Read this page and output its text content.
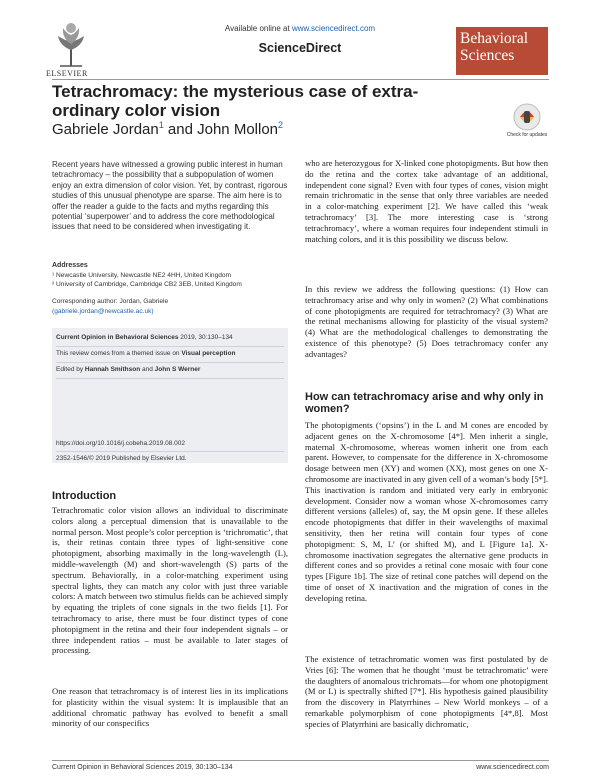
Available online at www.sciencedirect.com
ScienceDirect
ELSEVIER
Behavioral
Sciences
Tetrachromacy: the mysterious case of extra-ordinary color vision
Gabriele Jordan$^1$ and John Mollon$^2$
Check for updates
Recent years have witnessed a growing public interest in human tetrachromacy – the possibility that a subpopulation of women enjoy an extra dimension of color vision. Yet, by contrast, rigorous studies of this unusual phenotype are sparse. The aim here is to offer the reader a guide to the facts and myths regarding this potential ‘superpower’ and to address the core methodological issues that need to be considered when investigating it.
Addresses
¹ Newcastle University, Newcastle NE2 4HH, United Kingdom
² University of Cambridge, Cambridge CB2 3EB, United Kingdom
Corresponding author: Jordan, Gabriele
(gabriele.jordan@newcastle.ac.uk)
Current Opinion in Behavioral Sciences 2019, 30:130–134
This review comes from a themed issue on Visual perception
Edited by Hannah Smithson and John S Werner
https://doi.org/10.1016/j.cobeha.2019.08.002
2352-1546/© 2019 Published by Elsevier Ltd.
Introduction
Tetrachromatic color vision allows an individual to discriminate colors along a perceptual dimension that is unavailable to the normal person. Most people’s color perception is ‘trichromatic’, that is, their retinas contain three types of light-sensitive cone photopigment, absorbing maximally in the long-wavelength (L), middle-wavelength (M) and short-wavelength (S) parts of the spectrum. Behaviorally, in a color-matching experiment using spectral lights, they can match any color with just three variable colors: A match between two stimulus fields can be achieved simply by equating the triplets of cone signals in the two fields [1]. For tetrachromacy to arise, there must be four distinct types of cone photopigment in the retina and their four independent signals – or three independent ratios – must be available to later stages of processing.
One reason that tetrachromacy is of interest lies in its implications for plasticity within the visual system: It is implausible that an additional chromatic pathway has evolved to benefit a small minority of our conspecifics
who are heterozygous for X-linked cone photopigments. But how then do the retina and the cortex take advantage of an additional, independent cone signal? Even with four types of cones, vision might remain trichromatic in the sense that only three variables are needed in a color-matching experiment [2]. We have called this ‘weak tetrachromacy’ [3]. The more interesting case is ‘strong tetrachromacy’, where a woman requires four independent stimuli in matching colors, and it is this possibility we discuss below.
In this review we address the following questions: (1) How can tetrachromacy arise and why only in women? (2) What combinations of cone photopigments are required for tetrachromacy? (3) What are the retinal mechanisms allowing for plasticity of the visual system? (4) What are the methodological challenges to demonstrating the existence of this phenotype? (5) Does tetrachromacy confer any advantages?
How can tetrachromacy arise and why only in women?
The photopigments (‘opsins’) in the L and M cones are encoded by adjacent genes on the X-chromosome [4*]. Men inherit a single, maternal X-chromosome, whereas women inherit one from each parent. However, to compensate for the difference in X-chromosome dosage between men (XY) and women (XX), most genes on one X-chromosome are inactivated in any given cell of a woman’s body [5*]. This inactivation is random and initiated very early in embryonic development. Consider now a woman whose X-chromosomes carry different versions (alleles) of, say, the M opsin gene. If these alleles encode photopigments that differ in their wavelengths of maximal sensitivity, then her retina will contain four types of cone photopigment: S, M, L’ (or shifted M), and L [Figure 1a]. X-chromosome inactivation segregates the alternative gene products in different cones and so provides a retinal cone mosaic with four cone types [Figure 1b]. The size of retinal cone patches will depend on the time of onset of X inactivation and the migration of cones in the developing retina.
The existence of tetrachromatic women was first postulated by de Vries [6]: The women that he thought ‘must be tetrachromatic’ were the daughters of anomalous trichromats—for whom one photopigment (M or L) is spectrally shifted [7*]. His hypothesis gained plausibility from the discovery in Platyrrhines – New World monkeys – of a remarkable polymorphism of cone photopigments [4*,8]. Most species of Platyrrhini are basically dichromatic,
Current Opinion in Behavioral Sciences 2019, 30:130–134	www.sciencedirect.com
